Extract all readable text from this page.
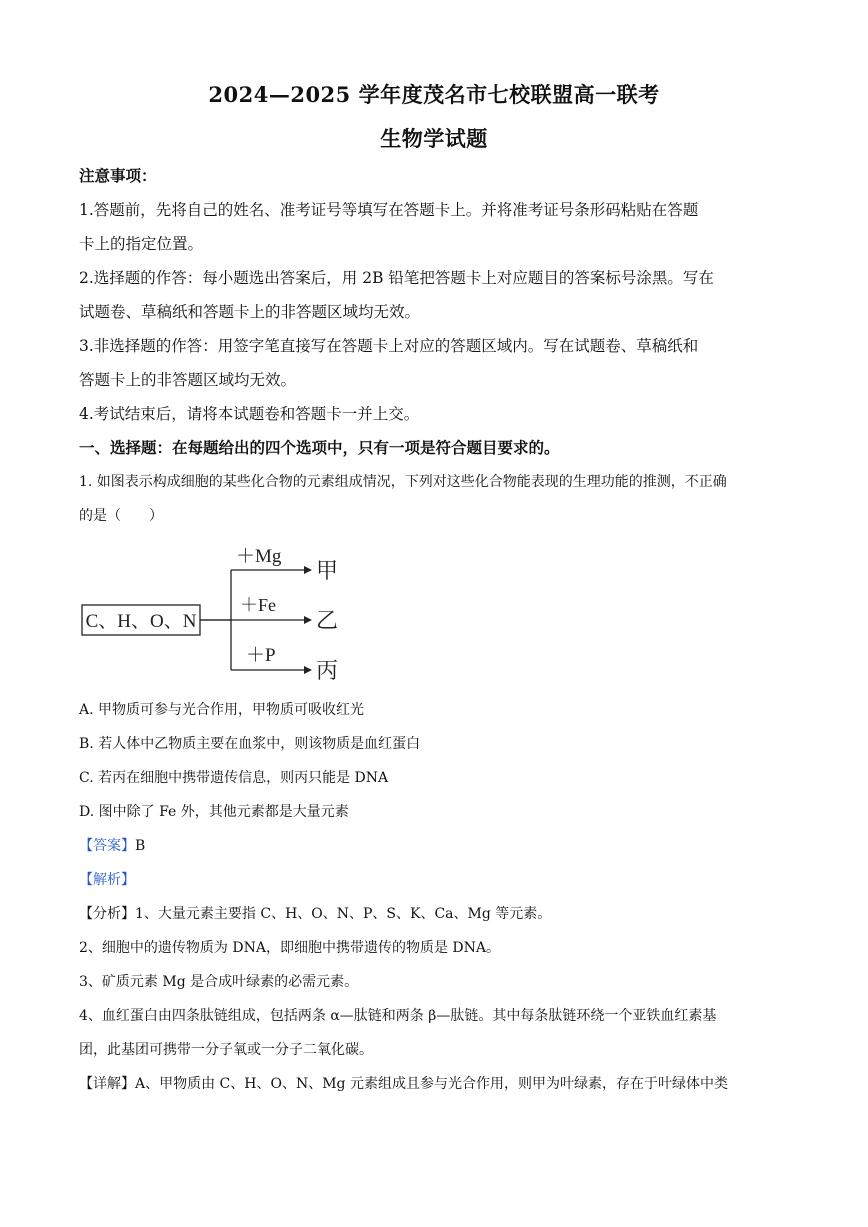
2024—2025 学年度茂名市七校联盟高一联考
生物学试题
注意事项：
1.答题前，先将自己的姓名、准考证号等填写在答题卡上。并将准考证号条形码粘贴在答题
卡上的指定位置。
2.选择题的作答：每小题选出答案后，用 2B 铅笔把答题卡上对应题目的答案标号涂黑。写在
试题卷、草稿纸和答题卡上的非答题区域均无效。
3.非选择题的作答：用签字笔直接写在答题卡上对应的答题区域内。写在试题卷、草稿纸和
答题卡上的非答题区域均无效。
4.考试结束后，请将本试题卷和答题卡一并上交。
一、选择题：在每题给出的四个选项中，只有一项是符合题目要求的。
1. 如图表示构成细胞的某些化合物的元素组成情况，下列对这些化合物能表现的生理功能的推测，不正确
的是（　　）
C、H、O、N
＋Mg
＋Fe
＋P
甲
乙
丙
A. 甲物质可参与光合作用，甲物质可吸收红光
B. 若人体中乙物质主要在血浆中，则该物质是血红蛋白
C. 若丙在细胞中携带遗传信息，则丙只能是 DNA
D. 图中除了 Fe 外，其他元素都是大量元素
【答案】B
【解析】
【分析】1、大量元素主要指 C、H、O、N、P、S、K、Ca、Mg 等元素。
2、细胞中的遗传物质为 DNA，即细胞中携带遗传的物质是 DNA。
3、矿质元素 Mg 是合成叶绿素的必需元素。
4、血红蛋白由四条肽链组成，包括两条 α—肽链和两条 β—肽链。其中每条肽链环绕一个亚铁血红素基
团，此基团可携带一分子氧或一分子二氧化碳。
【详解】A、甲物质由 C、H、O、N、Mg 元素组成且参与光合作用，则甲为叶绿素，存在于叶绿体中类
